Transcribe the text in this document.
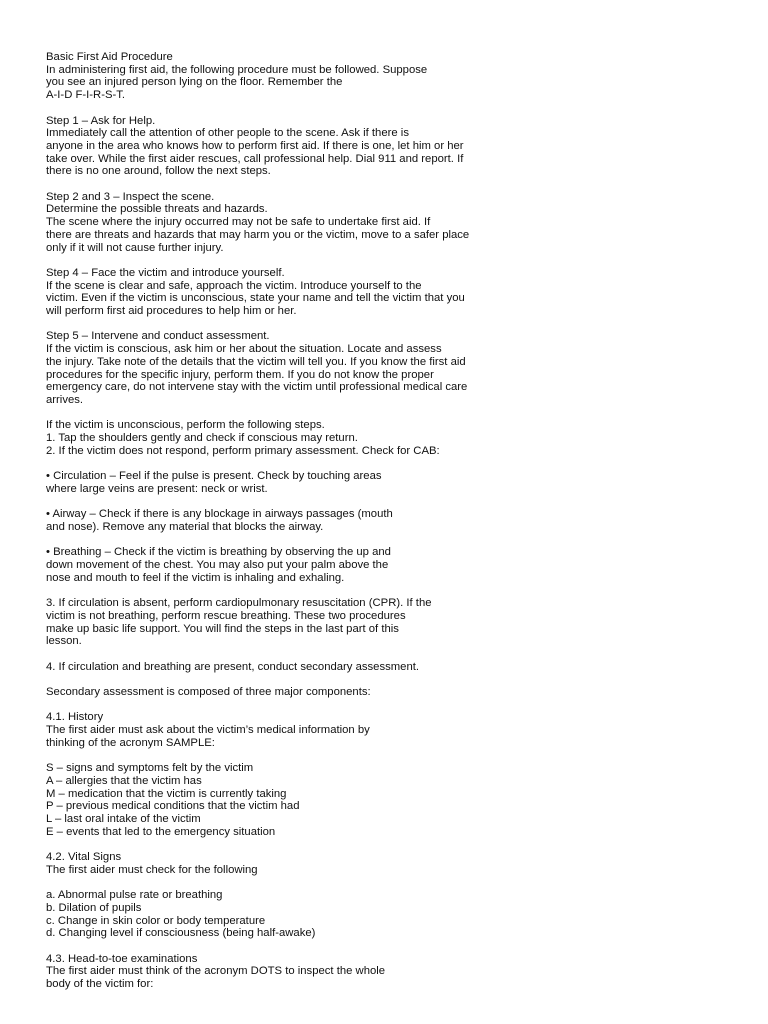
Basic First Aid Procedure
In administering first aid, the following procedure must be followed. Suppose
you see an injured person lying on the floor. Remember the
A-I-D F-I-R-S-T.
Step 1 – Ask for Help.
Immediately call the attention of other people to the scene. Ask if there is
anyone in the area who knows how to perform first aid. If there is one, let him or her
take over. While the first aider rescues, call professional help. Dial 911 and report. If
there is no one around, follow the next steps.
Step 2 and 3 – Inspect the scene.
Determine the possible threats and hazards.
The scene where the injury occurred may not be safe to undertake first aid. If
there are threats and hazards that may harm you or the victim, move to a safer place
only if it will not cause further injury.
Step 4 – Face the victim and introduce yourself.
If the scene is clear and safe, approach the victim. Introduce yourself to the
victim. Even if the victim is unconscious, state your name and tell the victim that you
will perform first aid procedures to help him or her.
Step 5 – Intervene and conduct assessment.
If the victim is conscious, ask him or her about the situation. Locate and assess
the injury. Take note of the details that the victim will tell you. If you know the first aid
procedures for the specific injury, perform them. If you do not know the proper
emergency care, do not intervene stay with the victim until professional medical care
arrives.
If the victim is unconscious, perform the following steps.
1. Tap the shoulders gently and check if conscious may return.
2. If the victim does not respond, perform primary assessment. Check for CAB:
• Circulation – Feel if the pulse is present. Check by touching areas
where large veins are present: neck or wrist.
• Airway – Check if there is any blockage in airways passages (mouth
and nose). Remove any material that blocks the airway.
• Breathing – Check if the victim is breathing by observing the up and
down movement of the chest. You may also put your palm above the
nose and mouth to feel if the victim is inhaling and exhaling.
3. If circulation is absent, perform cardiopulmonary resuscitation (CPR). If the
victim is not breathing, perform rescue breathing. These two procedures
make up basic life support. You will find the steps in the last part of this
lesson.
4. If circulation and breathing are present, conduct secondary assessment.
Secondary assessment is composed of three major components:
4.1. History
The first aider must ask about the victim’s medical information by
thinking of the acronym SAMPLE:
S – signs and symptoms felt by the victim
A – allergies that the victim has
M – medication that the victim is currently taking
P – previous medical conditions that the victim had
L – last oral intake of the victim
E – events that led to the emergency situation
4.2. Vital Signs
The first aider must check for the following
a. Abnormal pulse rate or breathing
b. Dilation of pupils
c. Change in skin color or body temperature
d. Changing level if consciousness (being half-awake)
4.3. Head-to-toe examinations
The first aider must think of the acronym DOTS to inspect the whole
body of the victim for:
